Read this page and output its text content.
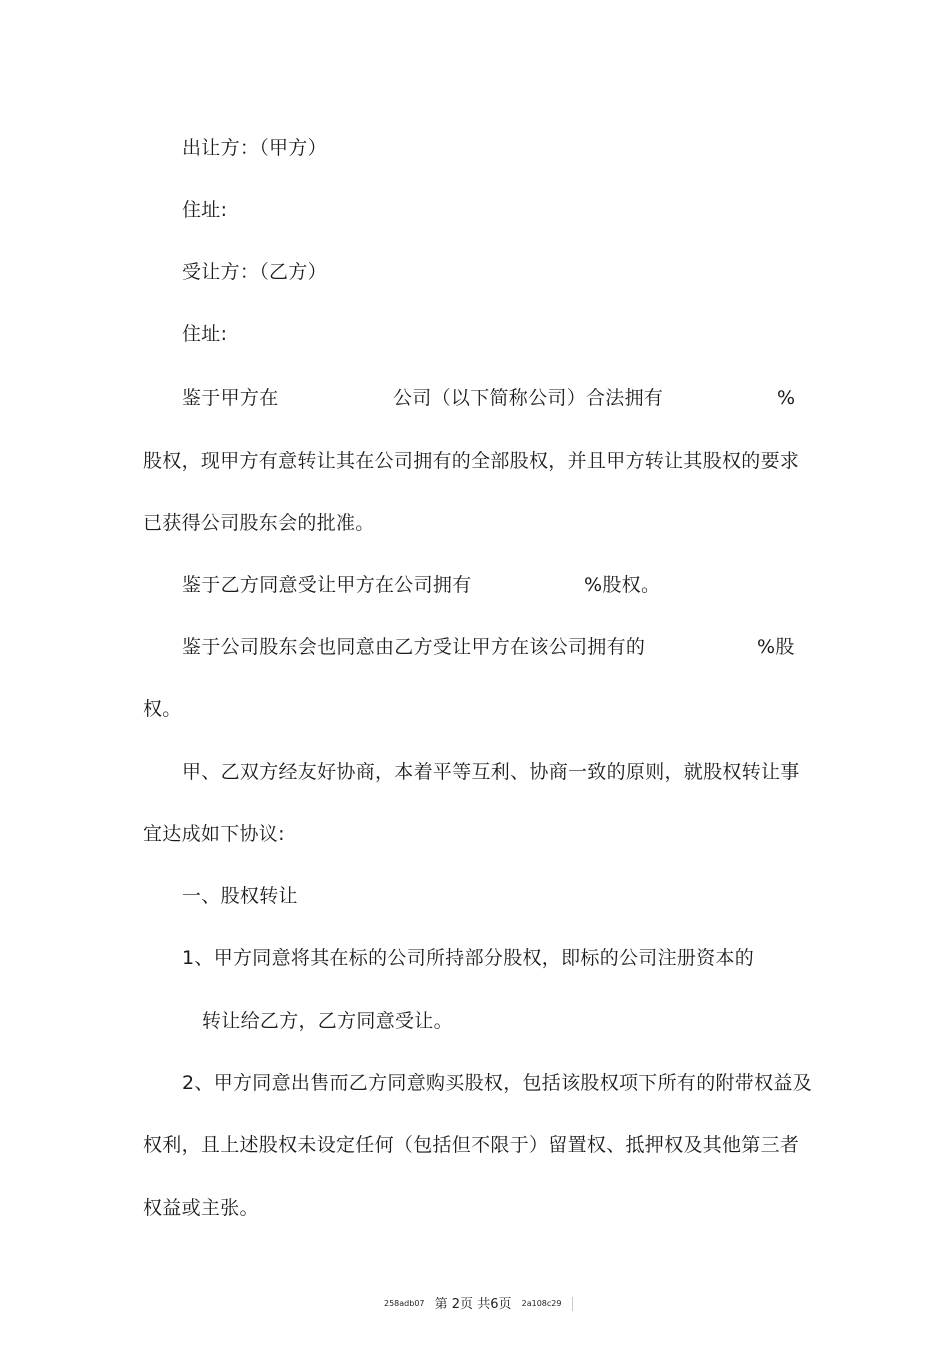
出让方：（甲方）
住址:
受让方：（乙方）
住址:
鉴于甲方在	公司（以下简称公司）合法拥有	%
股权，现甲方有意转让其在公司拥有的全部股权，并且甲方转让其股权的要求
已获得公司股东会的批准。
鉴于乙方同意受让甲方在公司拥有	%股权。
鉴于公司股东会也同意由乙方受让甲方在该公司拥有的	%股
权。
甲、乙双方经友好协商，本着平等互利、协商一致的原则，就股权转让事
宜达成如下协议:
一、股权转让
1、甲方同意将其在标的公司所持部分股权，即标的公司注册资本的
转让给乙方，乙方同意受让。
2、甲方同意出售而乙方同意购买股权，包括该股权项下所有的附带权益及
权利，且上述股权未设定任何（包括但不限于）留置权、抵押权及其他第三者
权益或主张。
258adb07 第 2页 共6页 2a108c29
